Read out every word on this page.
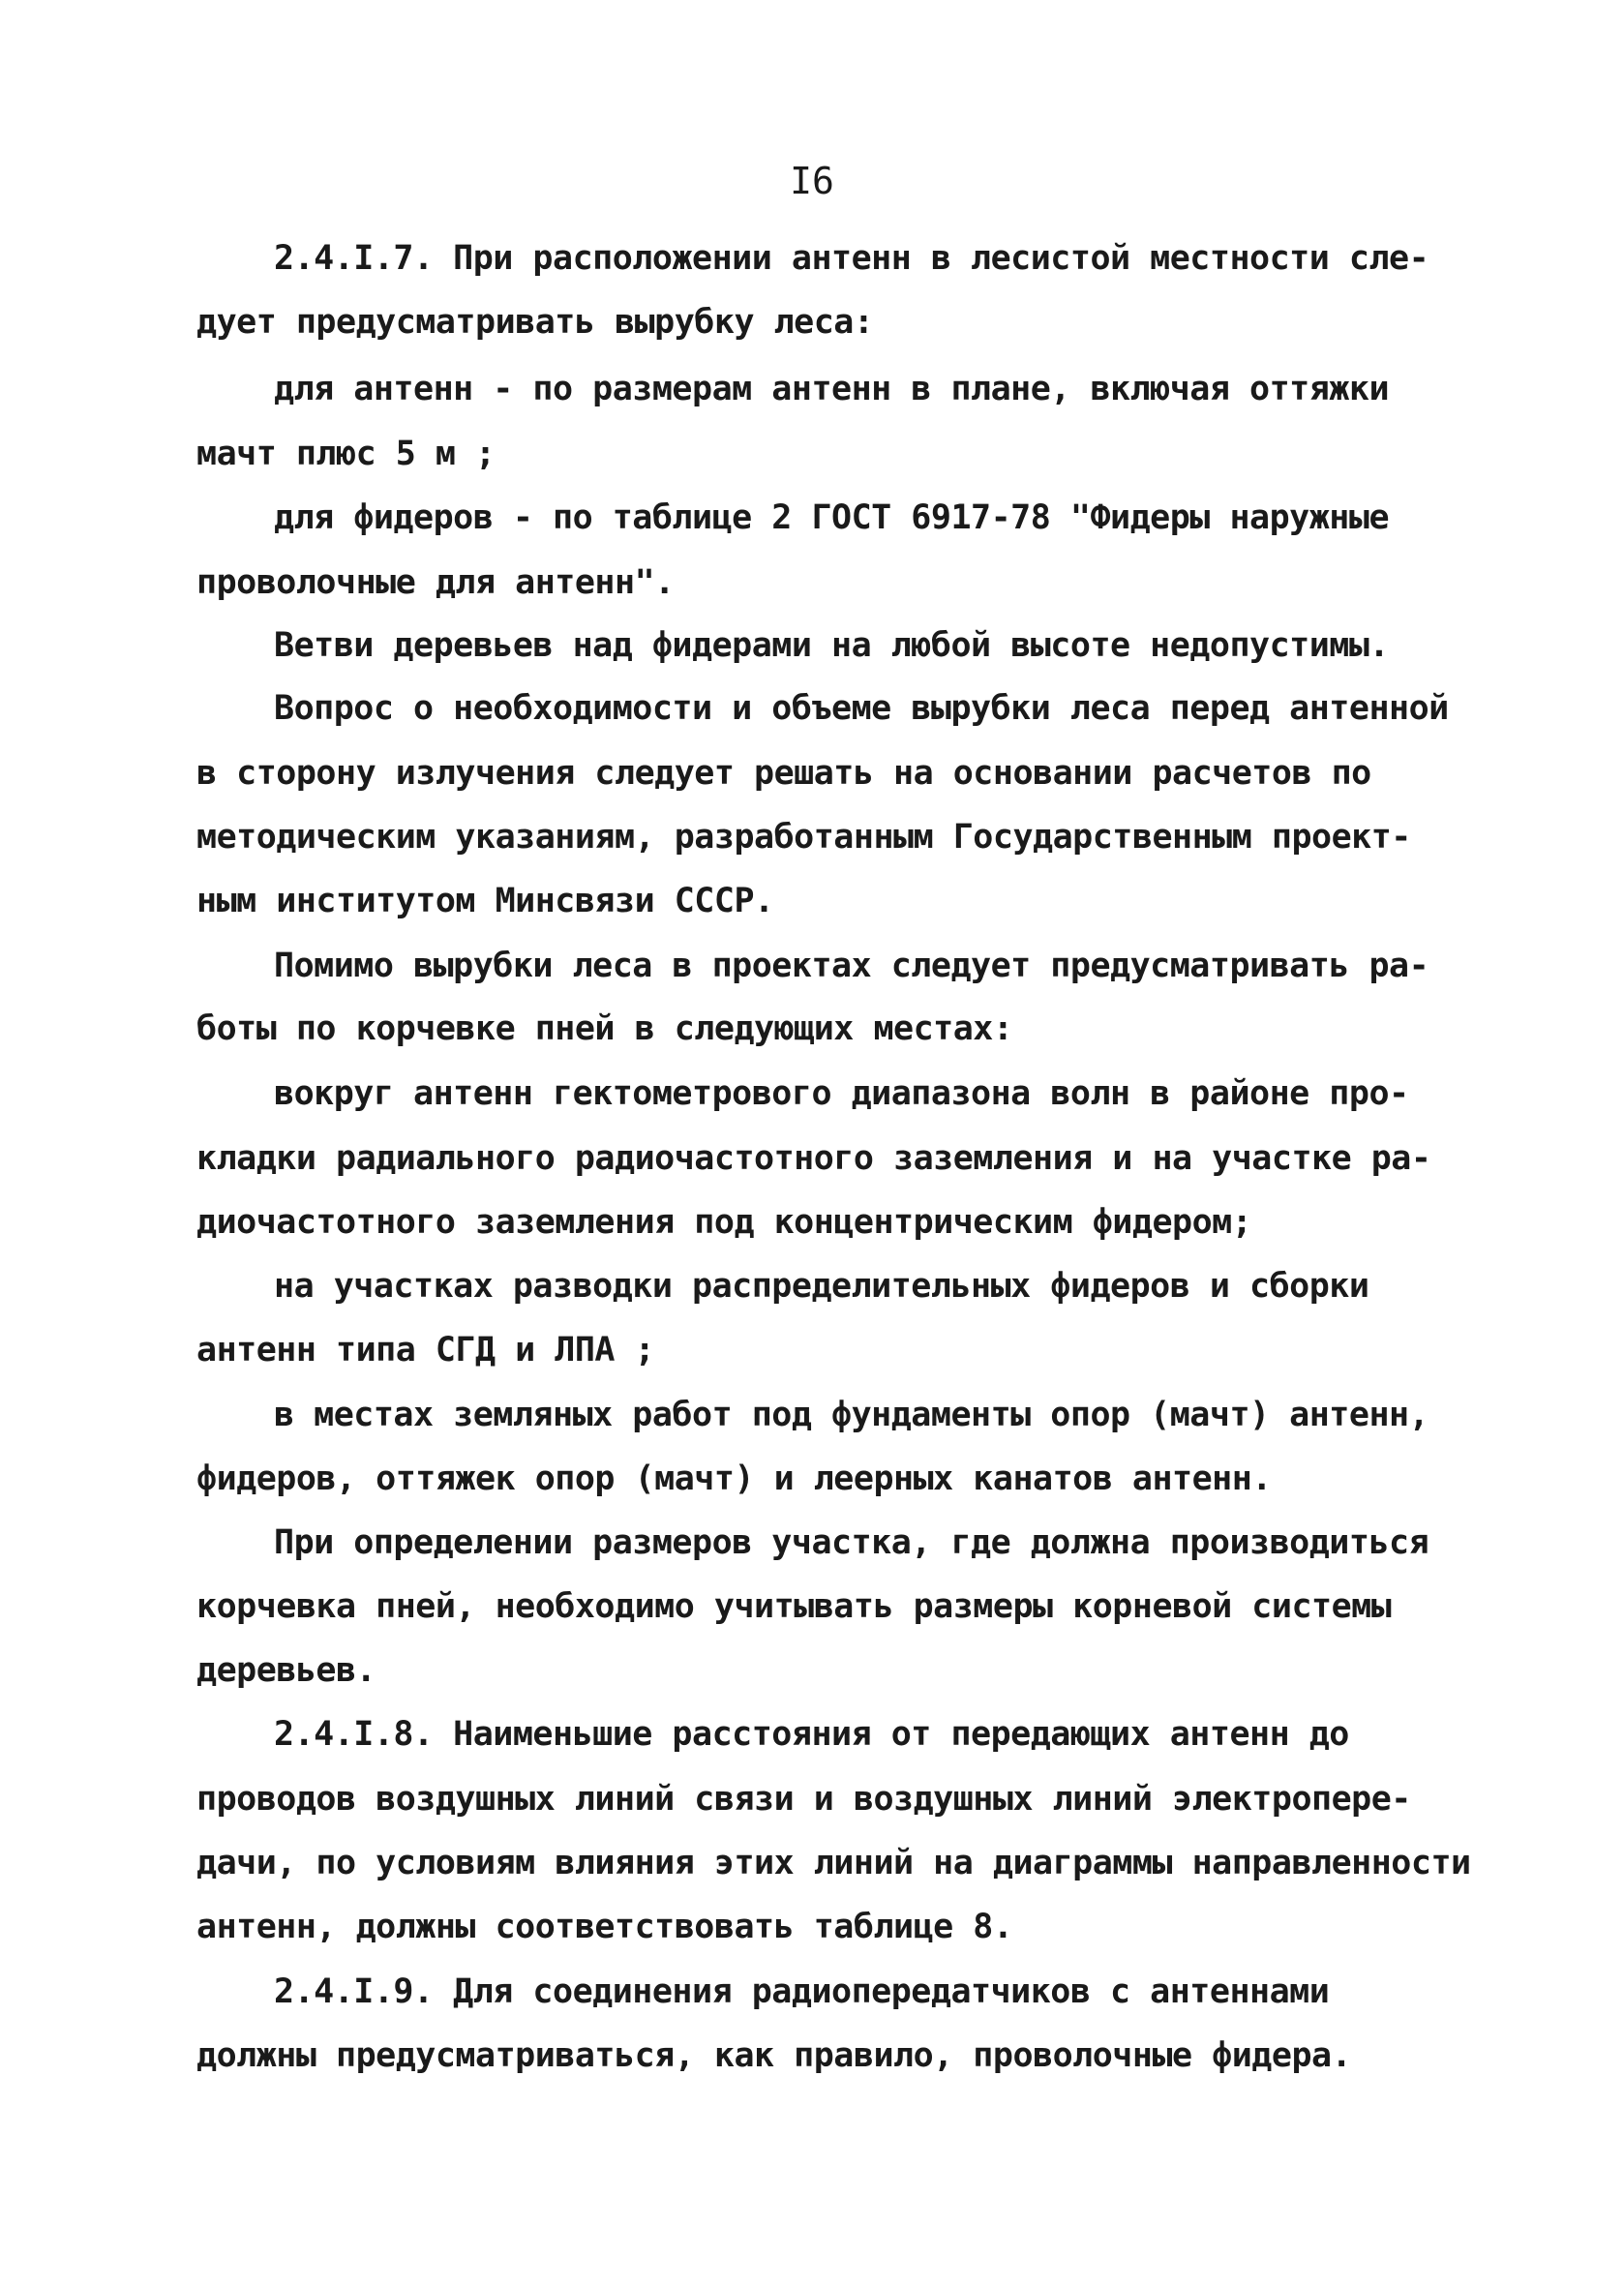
I6
2.4.I.7. При расположении антенн в лесистой местности сле-
дует предусматривать вырубку леса:
для антенн - по размерам антенн в плане, включая оттяжки
мачт плюс 5 м ;
для фидеров - по таблице 2 ГОСТ 6917-78 "Фидеры наружные
проволочные для антенн".
Ветви деревьев над фидерами на любой высоте недопустимы.
Вопрос о необходимости и объеме вырубки леса перед антенной
в сторону излучения следует решать на основании расчетов по
методическим указаниям, разработанным Государственным проект-
ным институтом Минсвязи СССР.
Помимо вырубки леса в проектах следует предусматривать ра-
боты по корчевке пней в следующих местах:
вокруг антенн гектометрового диапазона волн в районе про-
кладки радиального радиочастотного заземления и на участке ра-
диочастотного заземления под концентрическим фидером;
на участках разводки распределительных фидеров и сборки
антенн типа СГД и ЛПА ;
в местах земляных работ под фундаменты опор (мачт) антенн,
фидеров, оттяжек опор (мачт) и леерных канатов антенн.
При определении размеров участка, где должна производиться
корчевка пней, необходимо учитывать размеры корневой системы
деревьев.
2.4.I.8. Наименьшие расстояния от передающих антенн до
проводов воздушных линий связи и воздушных линий электропере-
дачи, по условиям влияния этих линий на диаграммы направленности
антенн, должны соответствовать таблице 8.
2.4.I.9. Для соединения радиопередатчиков с антеннами
должны предусматриваться, как правило, проволочные фидера.
